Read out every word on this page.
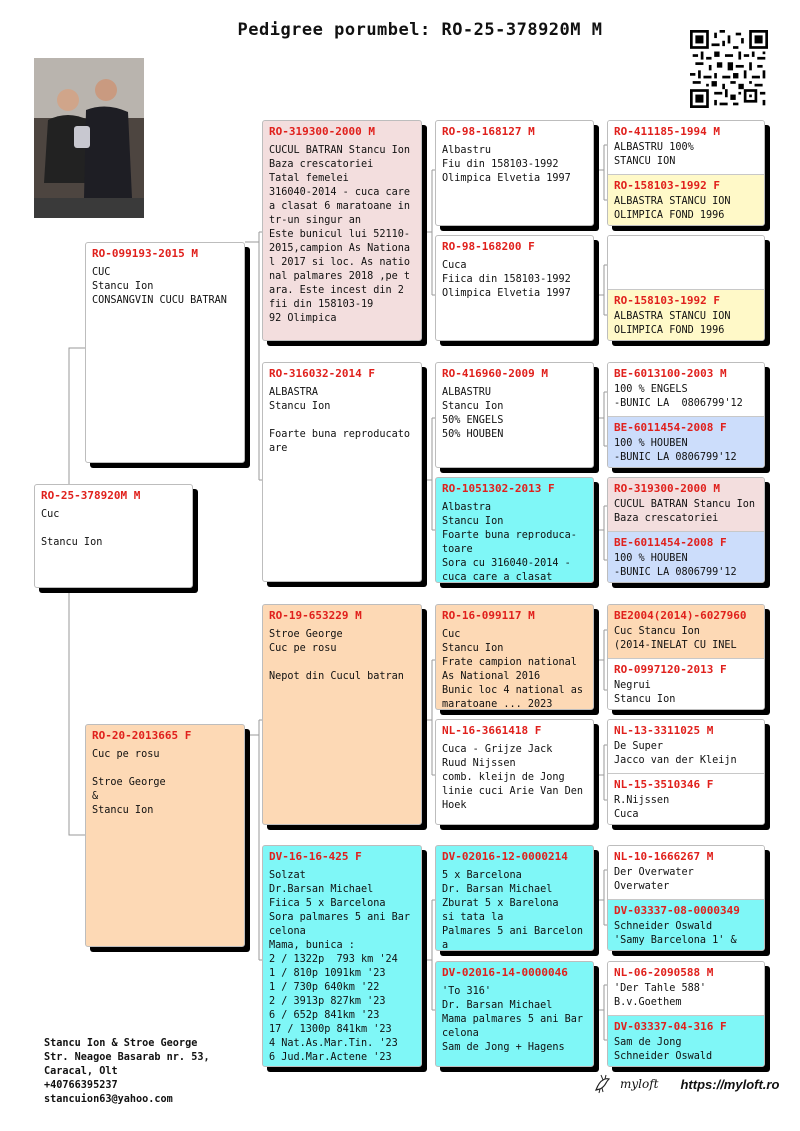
Pedigree porumbel: RO-25-378920M M
RO-25-378920M M
Cuc

Stancu Ion
RO-099193-2015 M
CUC
Stancu Ion
CONSANGVIN CUCU BATRAN
RO-20-2013665 F
Cuc pe rosu

Stroe George
&
Stancu Ion
RO-319300-2000 M
CUCUL BATRAN Stancu Ion
Baza crescatoriei
Tatal femelei
316040-2014 - cuca care a clasat 6 maratoane intr-un singur an
Este bunicul lui 52110-2015,campion As National 2017 si loc. As national palmares 2018 ,pe tara. Este incest din 2 fii din 158103-19
92 Olimpica
RO-316032-2014 F
ALBASTRA
Stancu Ion

Foarte buna reproducatoare
RO-19-653229 M
Stroe George
Cuc pe rosu

Nepot din Cucul batran
DV-16-16-425 F
Solzat
Dr.Barsan Michael
Fiica 5 x Barcelona
Sora palmares 5 ani Barcelona
Mama, bunica :
2 / 1322p  793 km '24
1 / 810p 1091km '23
1 / 730p 640km '22
2 / 3913p 827km '23
6 / 652p 841km '23
17 / 1300p 841km '23
4 Nat.As.Mar.Tin. '23
6 Jud.Mar.Actene '23
RO-98-168127 M
Albastru
Fiu din 158103-1992
Olimpica Elvetia 1997
RO-98-168200 F
Cuca
Fiica din 158103-1992
Olimpica Elvetia 1997
RO-416960-2009 M
ALBASTRU
Stancu Ion
50% ENGELS
50% HOUBEN
RO-1051302-2013 F
Albastra
Stancu Ion
Foarte buna reproduca-
toare
Sora cu 316040-2014 -
cuca care a clasat
RO-16-099117 M
Cuc
Stancu Ion
Frate campion national As National 2016
Bunic loc 4 national as
maratoane ... 2023
NL-16-3661418 F
Cuca - Grijze Jack
Ruud Nijssen
comb. kleijn de Jong
linie cuci Arie Van Den Hoek
DV-02016-12-0000214
5 x Barcelona
Dr. Barsan Michael
Zburat 5 x Barelona
si tata la
Palmares 5 ani Barcelona
DV-02016-14-0000046
'To 316'
Dr. Barsan Michael
Mama palmares 5 ani Barcelona
Sam de Jong + Hagens
RO-411185-1994 M
ALBASTRU 100%
STANCU ION
RO-158103-1992 F
ALBASTRA STANCU ION
OLIMPICA FOND 1996
RO-158103-1992 F
ALBASTRA STANCU ION
OLIMPICA FOND 1996
BE-6013100-2003 M
100 % ENGELS
-BUNIC LA  0806799'12
BE-6011454-2008 F
100 % HOUBEN
-BUNIC LA 0806799'12
RO-319300-2000 M
CUCUL BATRAN Stancu Ion
Baza crescatoriei
BE-6011454-2008 F
100 % HOUBEN
-BUNIC LA 0806799'12
BE2004(2014)-6027960
Cuc Stancu Ion
(2014-INELAT CU INEL
RO-0997120-2013 F
Negrui
Stancu Ion
NL-13-3311025 M
De Super
Jacco van der Kleijn
NL-15-3510346 F
R.Nijssen
Cuca
NL-10-1666267 M
Der Overwater
Overwater
DV-03337-08-0000349
Schneider Oswald
'Samy Barcelona 1' &
NL-06-2090588 M
'Der Tahle 588'
B.v.Goethem
DV-03337-04-316 F
Sam de Jong
Schneider Oswald
Stancu Ion & Stroe George
Str. Neagoe Basarab nr. 53,
Caracal, Olt
+40766395237
stancuion63@yahoo.com
myloft https://myloft.ro
